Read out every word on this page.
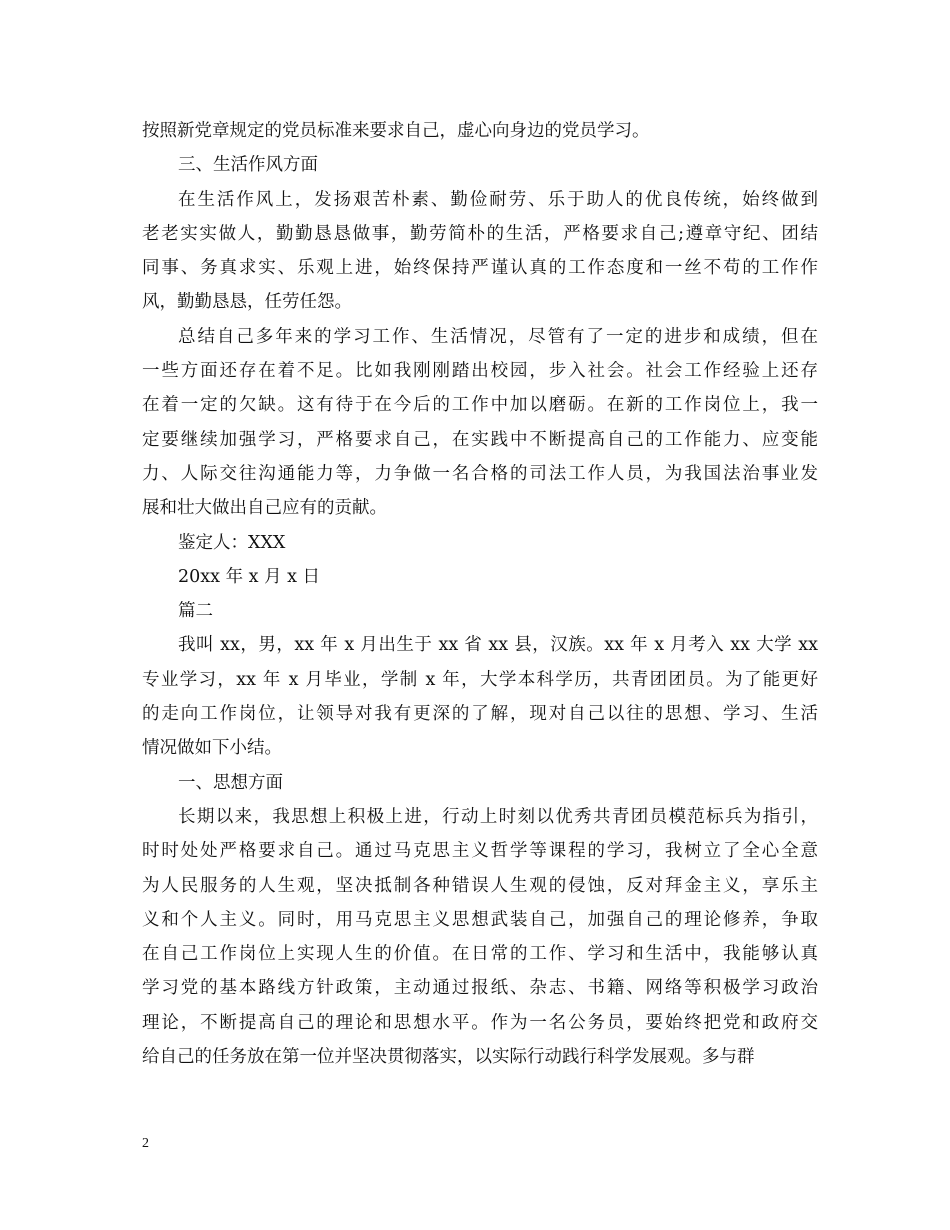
按照新党章规定的党员标准来要求自己，虚心向身边的党员学习。
三、生活作风方面
在生活作风上，发扬艰苦朴素、勤俭耐劳、乐于助人的优良传统，始终做到
老老实实做人，勤勤恳恳做事，勤劳简朴的生活，严格要求自己;遵章守纪、团结
同事、务真求实、乐观上进，始终保持严谨认真的工作态度和一丝不苟的工作作
风，勤勤恳恳，任劳任怨。
总结自己多年来的学习工作、生活情况，尽管有了一定的进步和成绩，但在
一些方面还存在着不足。比如我刚刚踏出校园，步入社会。社会工作经验上还存
在着一定的欠缺。这有待于在今后的工作中加以磨砺。在新的工作岗位上，我一
定要继续加强学习，严格要求自己，在实践中不断提高自己的工作能力、应变能
力、人际交往沟通能力等，力争做一名合格的司法工作人员，为我国法治事业发
展和壮大做出自己应有的贡献。
鉴定人：XXX
20xx 年 x 月 x 日
篇二
我叫 xx，男，xx 年 x 月出生于 xx 省 xx 县，汉族。xx 年 x 月考入 xx 大学 xx
专业学习，xx 年 x 月毕业，学制 x 年，大学本科学历，共青团团员。为了能更好
的走向工作岗位，让领导对我有更深的了解，现对自己以往的思想、学习、生活
情况做如下小结。
一、思想方面
长期以来，我思想上积极上进，行动上时刻以优秀共青团员模范标兵为指引，
时时处处严格要求自己。通过马克思主义哲学等课程的学习，我树立了全心全意
为人民服务的人生观，坚决抵制各种错误人生观的侵蚀，反对拜金主义，享乐主
义和个人主义。同时，用马克思主义思想武装自己，加强自己的理论修养，争取
在自己工作岗位上实现人生的价值。在日常的工作、学习和生活中，我能够认真
学习党的基本路线方针政策，主动通过报纸、杂志、书籍、网络等积极学习政治
理论，不断提高自己的理论和思想水平。作为一名公务员，要始终把党和政府交
给自己的任务放在第一位并坚决贯彻落实，以实际行动践行科学发展观。多与群
2
